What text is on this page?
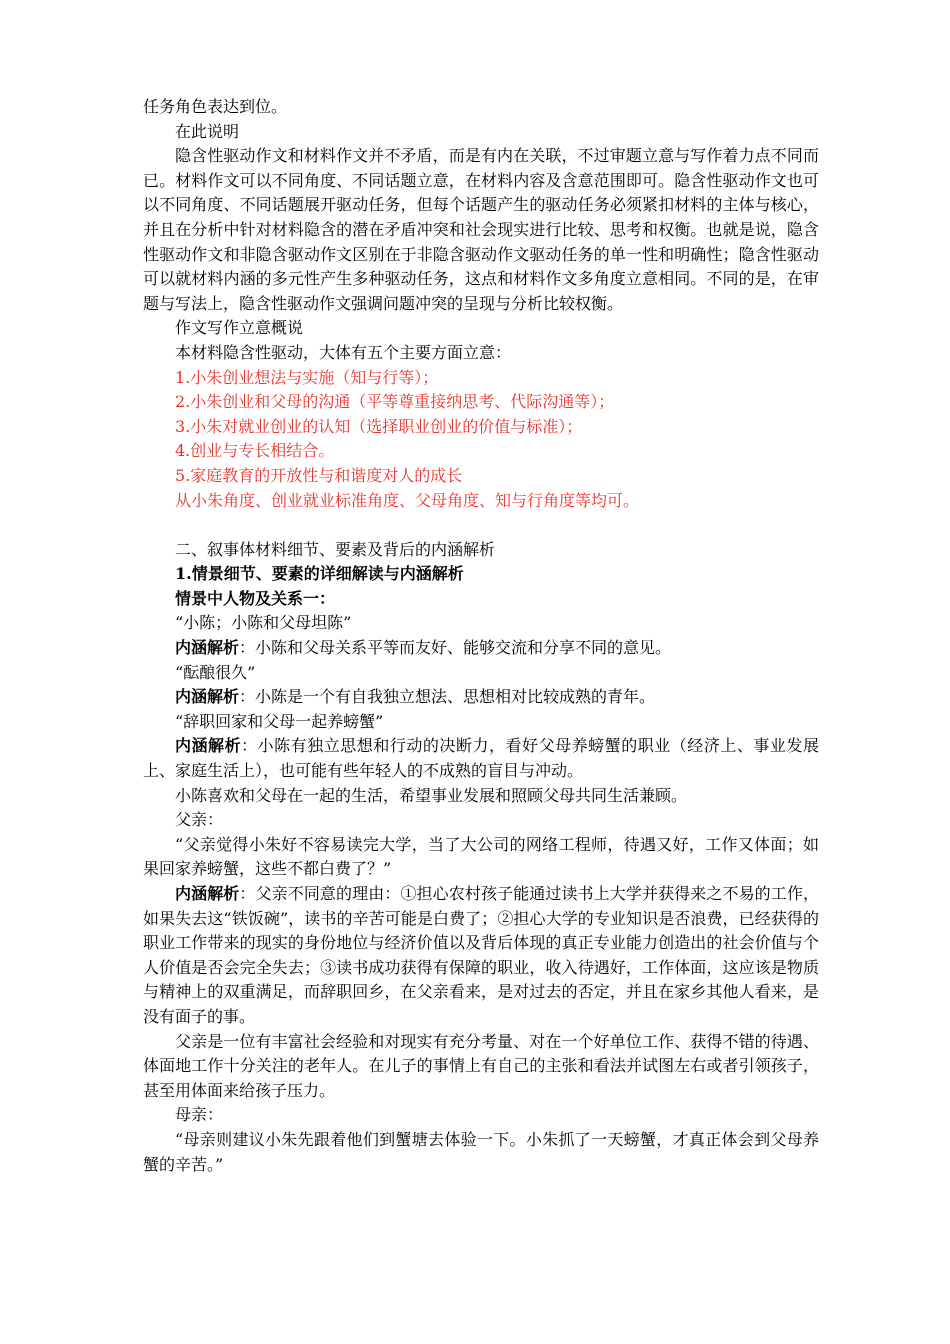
任务角色表达到位。
在此说明
隐含性驱动作文和材料作文并不矛盾，而是有内在关联，不过审题立意与写作着力点不同而已。材料作文可以不同角度、不同话题立意，在材料内容及含意范围即可。隐含性驱动作文也可以不同角度、不同话题展开驱动任务，但每个话题产生的驱动任务必须紧扣材料的主体与核心，并且在分析中针对材料隐含的潜在矛盾冲突和社会现实进行比较、思考和权衡。也就是说，隐含性驱动作文和非隐含驱动作文区别在于非隐含驱动作文驱动任务的单一性和明确性；隐含性驱动可以就材料内涵的多元性产生多种驱动任务，这点和材料作文多角度立意相同。不同的是，在审题与写法上，隐含性驱动作文强调问题冲突的呈现与分析比较权衡。
作文写作立意概说
本材料隐含性驱动，大体有五个主要方面立意：
1.小朱创业想法与实施（知与行等）；
2.小朱创业和父母的沟通（平等尊重接纳思考、代际沟通等）；
3.小朱对就业创业的认知（选择职业创业的价值与标准）；
4.创业与专长相结合。
5.家庭教育的开放性与和谐度对人的成长
从小朱角度、创业就业标准角度、父母角度、知与行角度等均可。
二、叙事体材料细节、要素及背后的内涵解析
1.情景细节、要素的详细解读与内涵解析
情景中人物及关系一：
“小陈；小陈和父母坦陈”
内涵解析：小陈和父母关系平等而友好、能够交流和分享不同的意见。
“酝酿很久”
内涵解析：小陈是一个有自我独立想法、思想相对比较成熟的青年。
“辞职回家和父母一起养螃蟹”
内涵解析：小陈有独立思想和行动的决断力，看好父母养螃蟹的职业（经济上、事业发展上、家庭生活上），也可能有些年轻人的不成熟的盲目与冲动。
小陈喜欢和父母在一起的生活，希望事业发展和照顾父母共同生活兼顾。
父亲：
“父亲觉得小朱好不容易读完大学，当了大公司的网络工程师，待遇又好，工作又体面；如果回家养螃蟹，这些不都白费了？”
内涵解析：父亲不同意的理由：①担心农村孩子能通过读书上大学并获得来之不易的工作，如果失去这“铁饭碗”，读书的辛苦可能是白费了；②担心大学的专业知识是否浪费，已经获得的职业工作带来的现实的身份地位与经济价值以及背后体现的真正专业能力创造出的社会价值与个人价值是否会完全失去；③读书成功获得有保障的职业，收入待遇好，工作体面，这应该是物质与精神上的双重满足，而辞职回乡，在父亲看来，是对过去的否定，并且在家乡其他人看来，是没有面子的事。
父亲是一位有丰富社会经验和对现实有充分考量、对在一个好单位工作、获得不错的待遇、体面地工作十分关注的老年人。在儿子的事情上有自己的主张和看法并试图左右或者引领孩子，甚至用体面来给孩子压力。
母亲：
“母亲则建议小朱先跟着他们到蟹塘去体验一下。小朱抓了一天螃蟹，才真正体会到父母养蟹的辛苦。”
